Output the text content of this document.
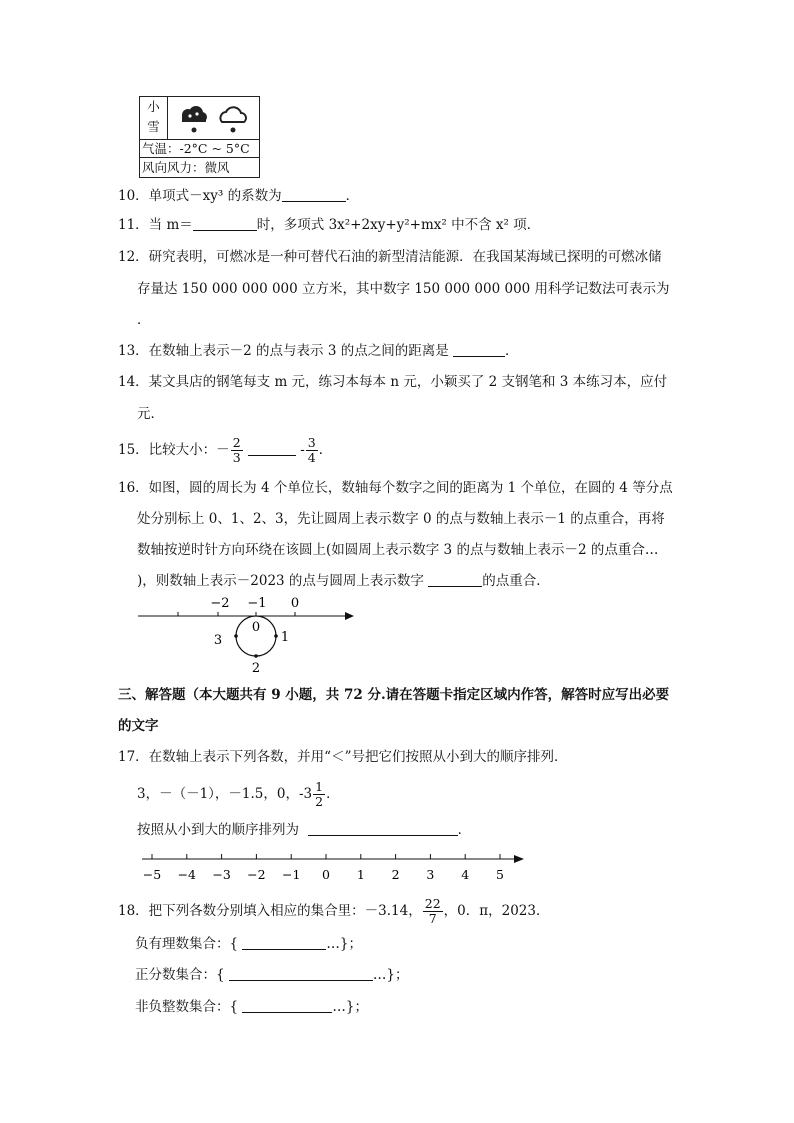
小
雪
气温：-2°C ~ 5°C
风向风力：微风
10．单项式－xy³ 的系数为	．
11．当 m＝	时，多项式 3x²+2xy+y²+mx² 中不含 x² 项．
12．研究表明，可燃冰是一种可替代石油的新型清洁能源．在我国某海域已探明的可燃冰储
存量达 150 000 000 000 立方米，其中数字 150 000 000 000 用科学记数法可表示为
．
13．在数轴上表示－2 的点与表示 3 的点之间的距离是	．
14．某文具店的钢笔每支 m 元，练习本每本 n 元，小颖买了 2 支钢笔和 3 本练习本，应付
元．
15．比较大小：－ $\frac{2}{3}$	- $\frac{3}{4}$ ．
16．如图，圆的周长为 4 个单位长，数轴每个数字之间的距离为 1 个单位，在圆的 4 等分点
处分别标上 0、1、2、3，先让圆周上表示数字 0 的点与数轴上表示－1 的点重合，再将
数轴按逆时针方向环绕在该圆上(如圆周上表示数字 3 的点与数轴上表示－2 的点重合…
)，则数轴上表示－2023 的点与圆周上表示数字	的点重合．
−2 −1 0
0
1
2
3
三、解答题（本大题共有 9 小题，共 72 分.请在答题卡指定区域内作答，解答时应写出必要
的文字
17．在数轴上表示下列各数，并用“＜”号把它们按照从小到大的顺序排列．
3，－（－1），－1.5，0，$-3 \frac{1}{2}$ ．
按照从小到大的顺序排列为	．
−5 −4 −3 −2 −1 0 1 2 3 4 5
18．把下列各数分别填入相应的集合里：－3.14， $\frac{22}{7}$ ，0．π，2023．
负有理数集合：{	…}；
正分数集合：{	…}；
非负整数集合：{	…}；
